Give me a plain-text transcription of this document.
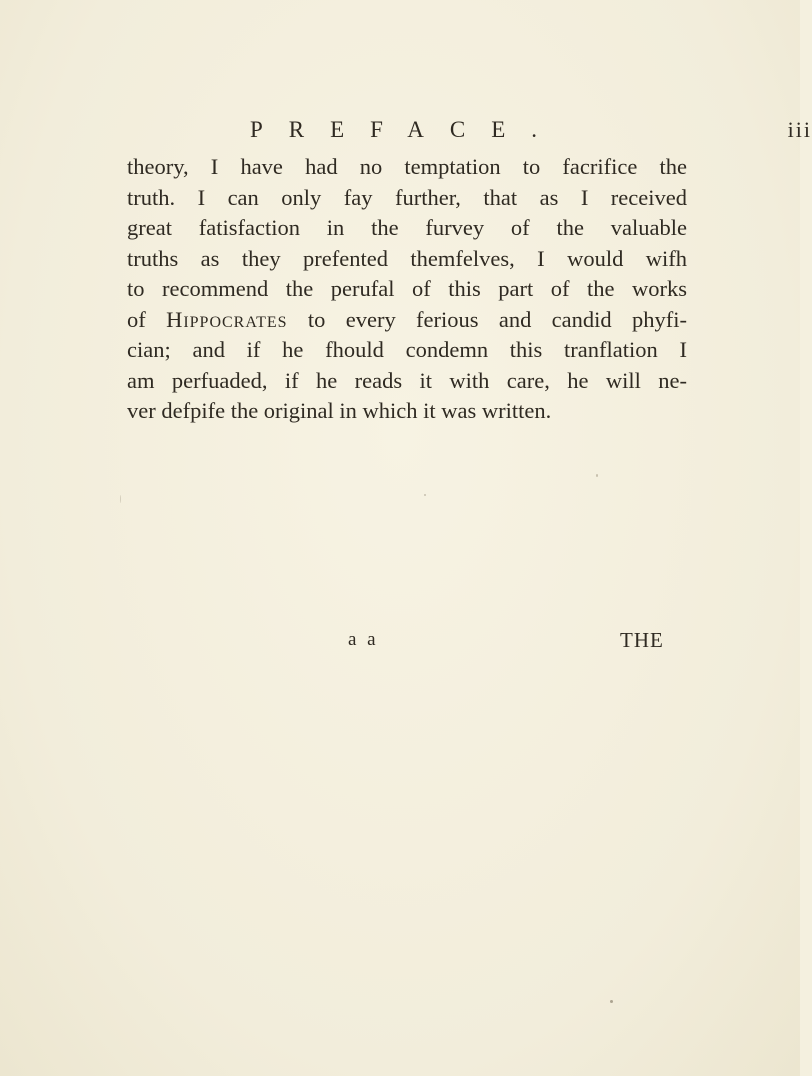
PREFACE.	iii
theory, I have had no temptation to facrifice the
truth. I can only fay further, that as I received
great fatisfaction in the furvey of the valuable
truths as they prefented themfelves, I would wifh
to recommend the perufal of this part of the works
of Hippocrates to every ferious and candid phyfi-
cian; and if he fhould condemn this tranflation I
am perfuaded, if he reads it with care, he will ne-
ver defpife the original in which it was written.
a a	THE
